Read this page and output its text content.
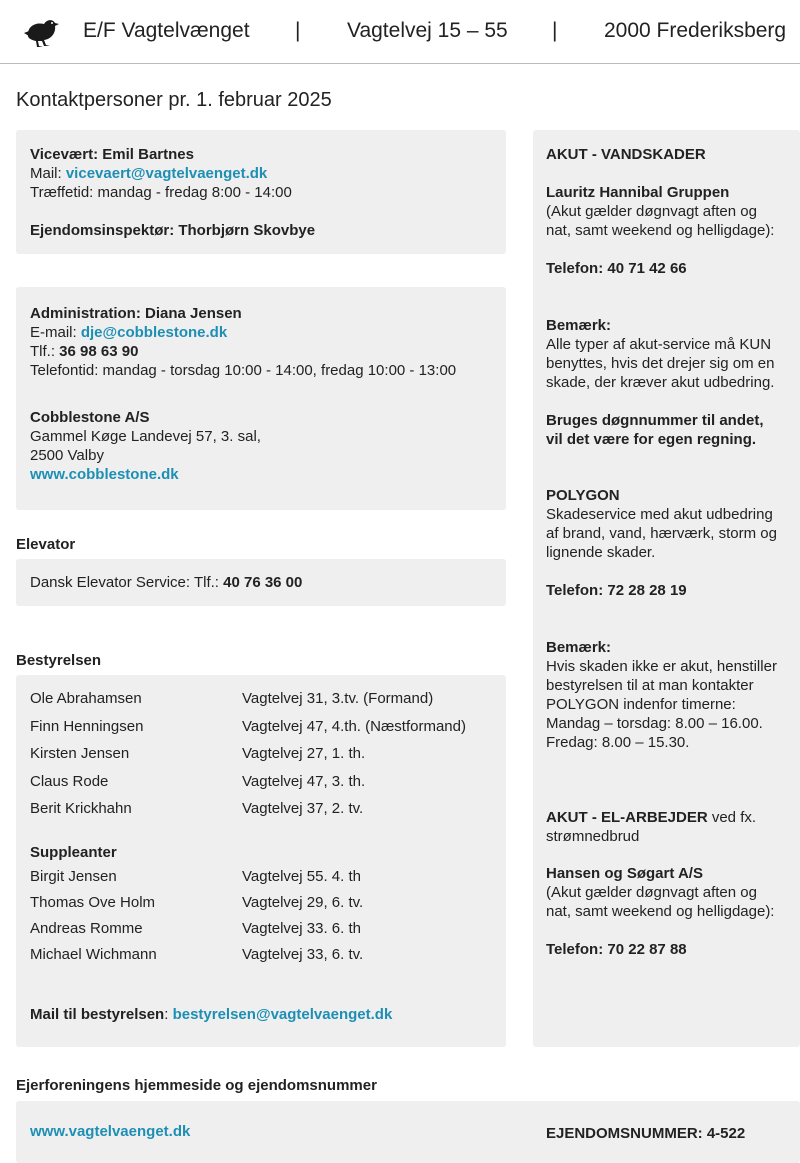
E/F Vagtelvænget | Vagtelvej 15 – 55 | 2000 Frederiksberg
Kontaktpersoner pr. 1. februar 2025
Vicevært: Emil Bartnes
Mail: vicevaert@vagtelvaenget.dk
Træffetid: mandag - fredag 8:00 - 14:00
Ejendomsinspektør: Thorbjørn Skovbye
Administration: Diana Jensen
E-mail: dje@cobblestone.dk
Tlf.: 36 98 63 90
Telefontid: mandag - torsdag 10:00 - 14:00, fredag 10:00 - 13:00
Cobblestone A/S
Gammel Køge Landevej 57, 3. sal,
2500 Valby
www.cobblestone.dk
Elevator
Dansk Elevator Service: Tlf.: 40 76 36 00
Bestyrelsen
Ole Abrahamsen	Vagtelvej 31, 3.tv. (Formand)
Finn Henningsen	Vagtelvej 47, 4.th. (Næstformand)
Kirsten Jensen	Vagtelvej 27, 1. th.
Claus Rode	Vagtelvej 47, 3. th.
Berit Krickhahn	Vagtelvej 37, 2. tv.
Suppleanter
Birgit Jensen	Vagtelvej 55. 4. th
Thomas Ove Holm	Vagtelvej 29, 6. tv.
Andreas Romme	Vagtelvej 33. 6. th
Michael Wichmann	Vagtelvej 33, 6. tv.
Mail til bestyrelsen: bestyrelsen@vagtelvaenget.dk
AKUT - VANDSKADER
Lauritz Hannibal Gruppen
(Akut gælder døgnvagt aften og
nat, samt weekend og helligdage):
Telefon: 40 71 42 66
Bemærk:
Alle typer af akut-service må KUN
benyttes, hvis det drejer sig om en
skade, der kræver akut udbedring.
Bruges døgnnummer til andet,
vil det være for egen regning.
POLYGON
Skadeservice med akut udbedring
af brand, vand, hærværk, storm og
lignende skader.
Telefon: 72 28 28 19
Bemærk:
Hvis skaden ikke er akut, henstiller
bestyrelsen til at man kontakter
POLYGON indenfor timerne:
Mandag – torsdag: 8.00 – 16.00.
Fredag: 8.00 – 15.30.
AKUT - EL-ARBEJDER ved fx.
strømnedbrud
Hansen og Søgart A/S
(Akut gælder døgnvagt aften og
nat, samt weekend og helligdage):
Telefon: 70 22 87 88
Ejerforeningens hjemmeside og ejendomsnummer
www.vagtelvaenget.dk	EJENDOMSNUMMER: 4-522
